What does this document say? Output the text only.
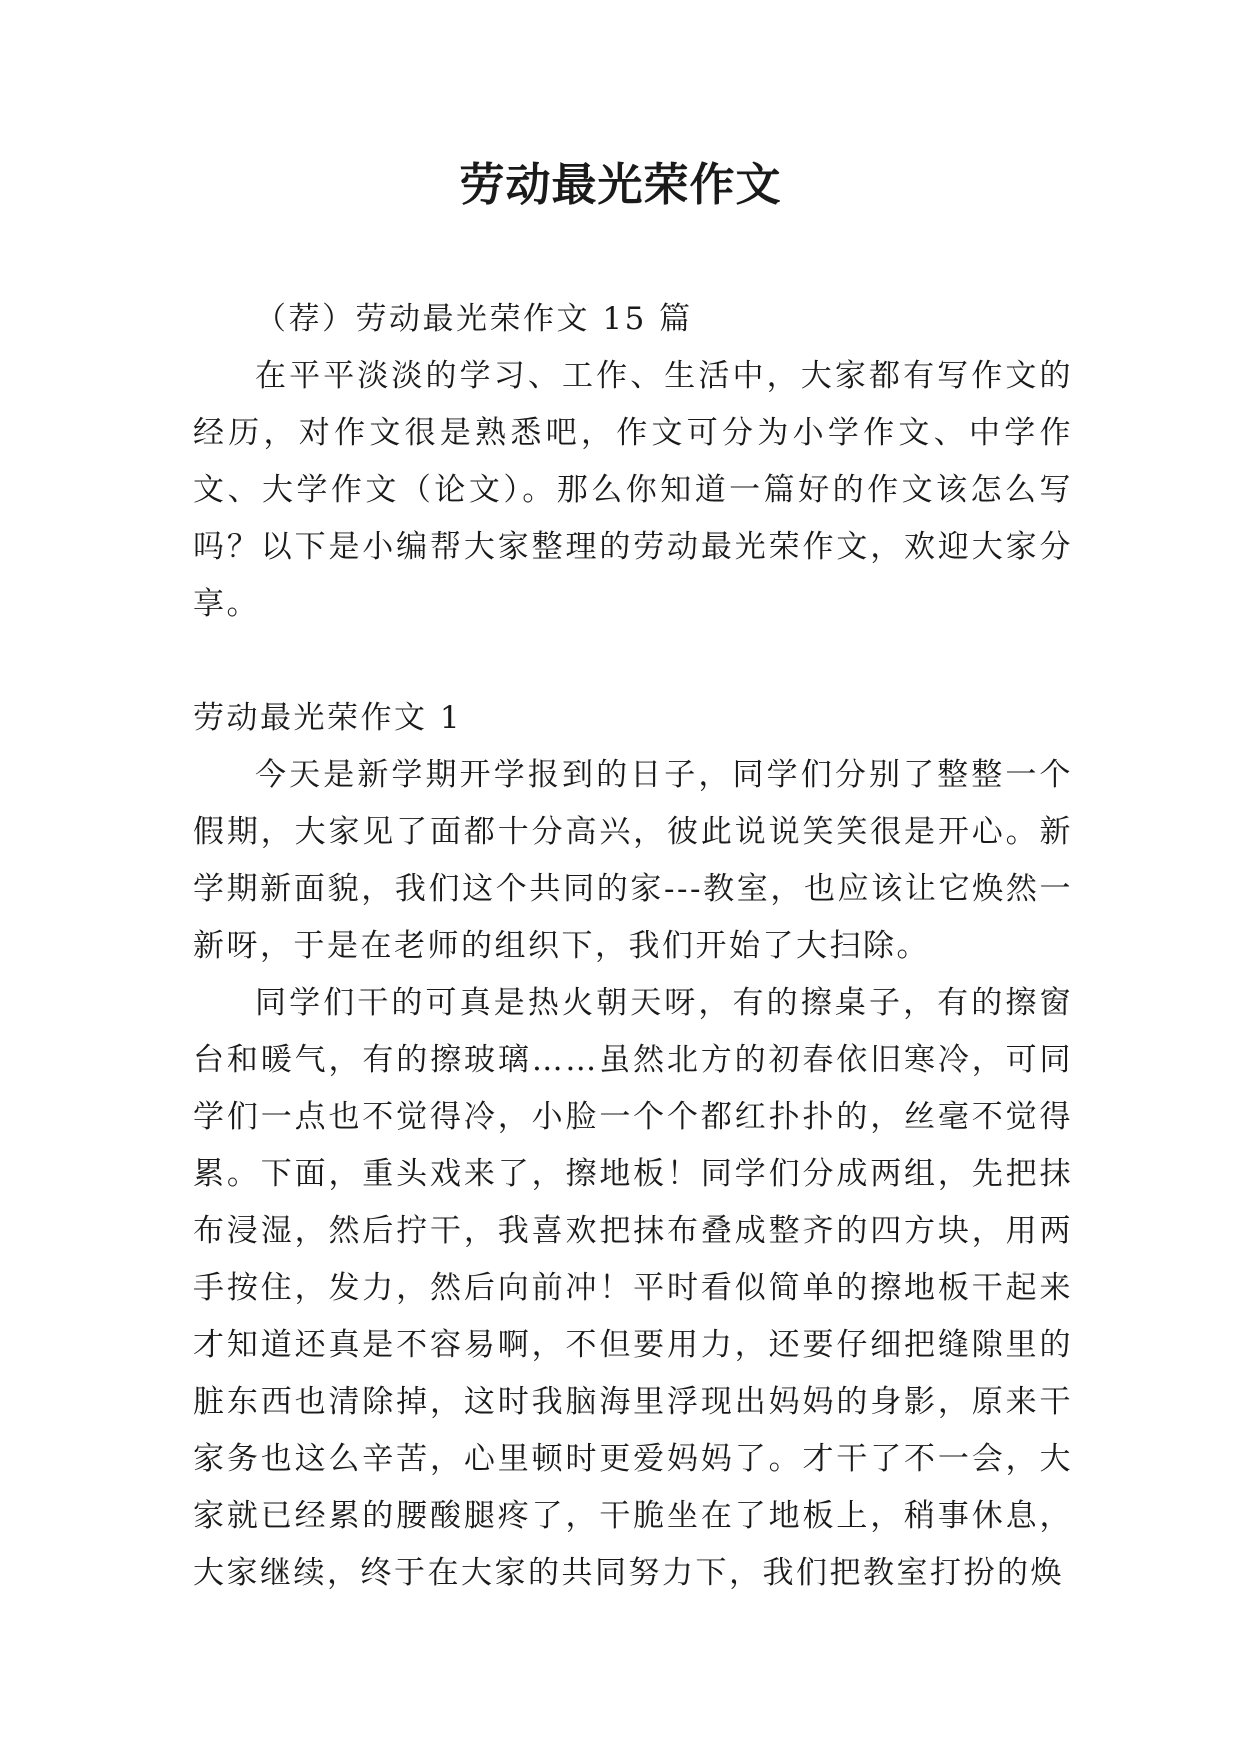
劳动最光荣作文

（荐）劳动最光荣作文 15 篇

在平平淡淡的学习、工作、生活中，大家都有写作文的经历，对作文很是熟悉吧，作文可分为小学作文、中学作文、大学作文（论文）。那么你知道一篇好的作文该怎么写吗？以下是小编帮大家整理的劳动最光荣作文，欢迎大家分享。

劳动最光荣作文 1

今天是新学期开学报到的日子，同学们分别了整整一个假期，大家见了面都十分高兴，彼此说说笑笑很是开心。新学期新面貌，我们这个共同的家---教室，也应该让它焕然一新呀，于是在老师的组织下，我们开始了大扫除。

同学们干的可真是热火朝天呀，有的擦桌子，有的擦窗台和暖气，有的擦玻璃……虽然北方的初春依旧寒冷，可同学们一点也不觉得冷，小脸一个个都红扑扑的，丝毫不觉得累。下面，重头戏来了，擦地板！同学们分成两组，先把抹布浸湿，然后拧干，我喜欢把抹布叠成整齐的四方块，用两手按住，发力，然后向前冲！平时看似简单的擦地板干起来才知道还真是不容易啊，不但要用力，还要仔细把缝隙里的脏东西也清除掉，这时我脑海里浮现出妈妈的身影，原来干家务也这么辛苦，心里顿时更爱妈妈了。才干了不一会，大家就已经累的腰酸腿疼了，干脆坐在了地板上，稍事休息，大家继续，终于在大家的共同努力下，我们把教室打扮的焕
